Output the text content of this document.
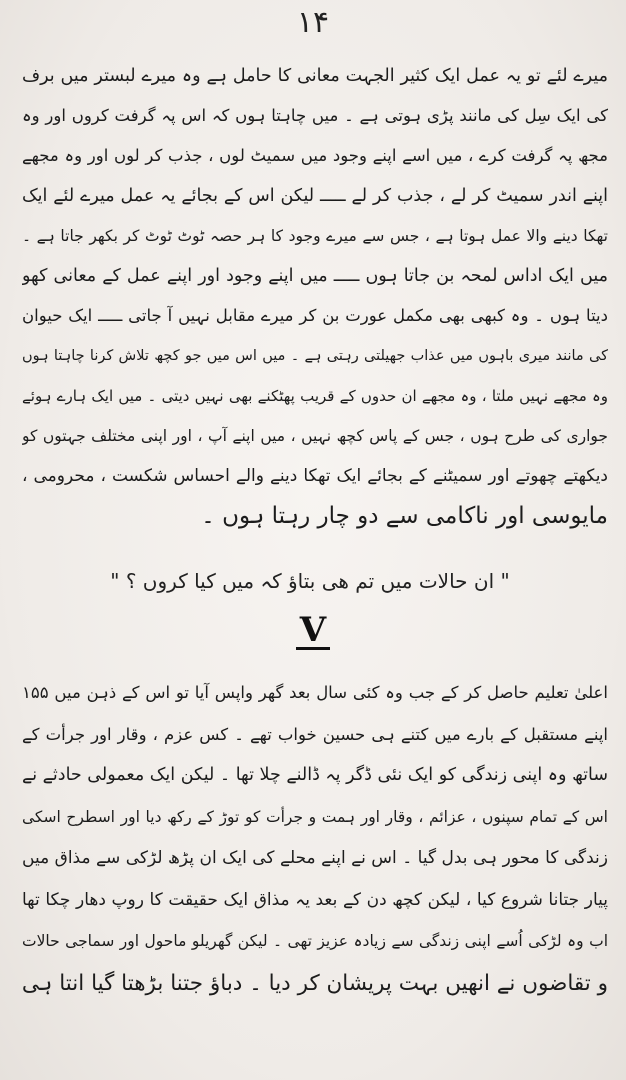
۱۴
میرے لئے تو یہ عمل ایک کثیر الجہت معانی کا حامل ہے وہ میرے لبستر میں برف
کی ایک سِل کی مانند پڑی ہوتی ہے ۔ میں چاہتا ہوں کہ اس پہ گرفت کروں اور وہ
مجھ پہ گرفت کرے ، میں اسے اپنے وجود میں سمیٹ لوں ، جذب کر لوں اور وہ مجھے
اپنے اندر سمیٹ کر لے ، جذب کر لے ـــــ لیکن اس کے بجائے یہ عمل میرے لئے ایک
تھکا دینے والا عمل ہوتا ہے ، جس سے میرے وجود کا ہر حصہ ٹوٹ ٹوٹ کر بکھر جاتا ہے ۔
میں ایک اداس لمحہ بن جاتا ہوں ـــــ میں اپنے وجود اور اپنے عمل کے معانی کھو
دیتا ہوں ۔ وہ کبھی بھی مکمل عورت بن کر میرے مقابل نہیں آ جاتی ـــــ ایک حیوان
کی مانند میری باہوں میں عذاب جھیلتی رہتی ہے ۔ میں اس میں جو کچھ تلاش کرنا چاہتا ہوں
وہ مجھے نہیں ملتا ، وہ مجھے ان حدوں کے قریب پھٹکنے بھی نہیں دیتی ۔ میں ایک ہارے ہوئے
جواری کی طرح ہوں ، جس کے پاس کچھ نہیں ، میں اپنے آپ ، اور اپنی مختلف جہتوں کو
دیکھتے چھوتے اور سمیٹنے کے بجائے ایک تھکا دینے والے احساس شکست ، محرومی ،
مایوسی اور ناکامی سے دو چار رہتا ہوں ۔
" ان حالات میں تم ھی بتاؤ کہ میں کیا کروں ؟ "
V
اعلیٰ تعلیم حاصل کر کے جب وہ کئی سال بعد گھر واپس آیا تو اس کے ذہن میں ۱۵۵
اپنے مستقبل کے بارے میں کتنے ہی حسین خواب تھے ۔ کس عزم ، وقار اور جرأت کے
ساتھ وہ اپنی زندگی کو ایک نئی ڈگر پہ ڈالنے چلا تھا ۔ لیکن ایک معمولی حادثے نے
اس کے تمام سپنوں ، عزائم ، وقار اور ہمت و جرأت کو توڑ کے رکھ دیا اور اسطرح اسکی
زندگی کا محور ہی بدل گیا ۔ اس نے اپنے محلے کی ایک ان پڑھ لڑکی سے مذاق میں
پیار جتانا شروع کیا ، لیکن کچھ دن کے بعد یہ مذاق ایک حقیقت کا روپ دھار چکا تھا
اب وہ لڑکی اُسے اپنی زندگی سے زیادہ عزیز تھی ۔ لیکن گھریلو ماحول اور سماجی حالات
و تقاضوں نے انھیں بہت پریشان کر دیا ۔ دباؤ جتنا بڑھتا گیا انتا ہی
